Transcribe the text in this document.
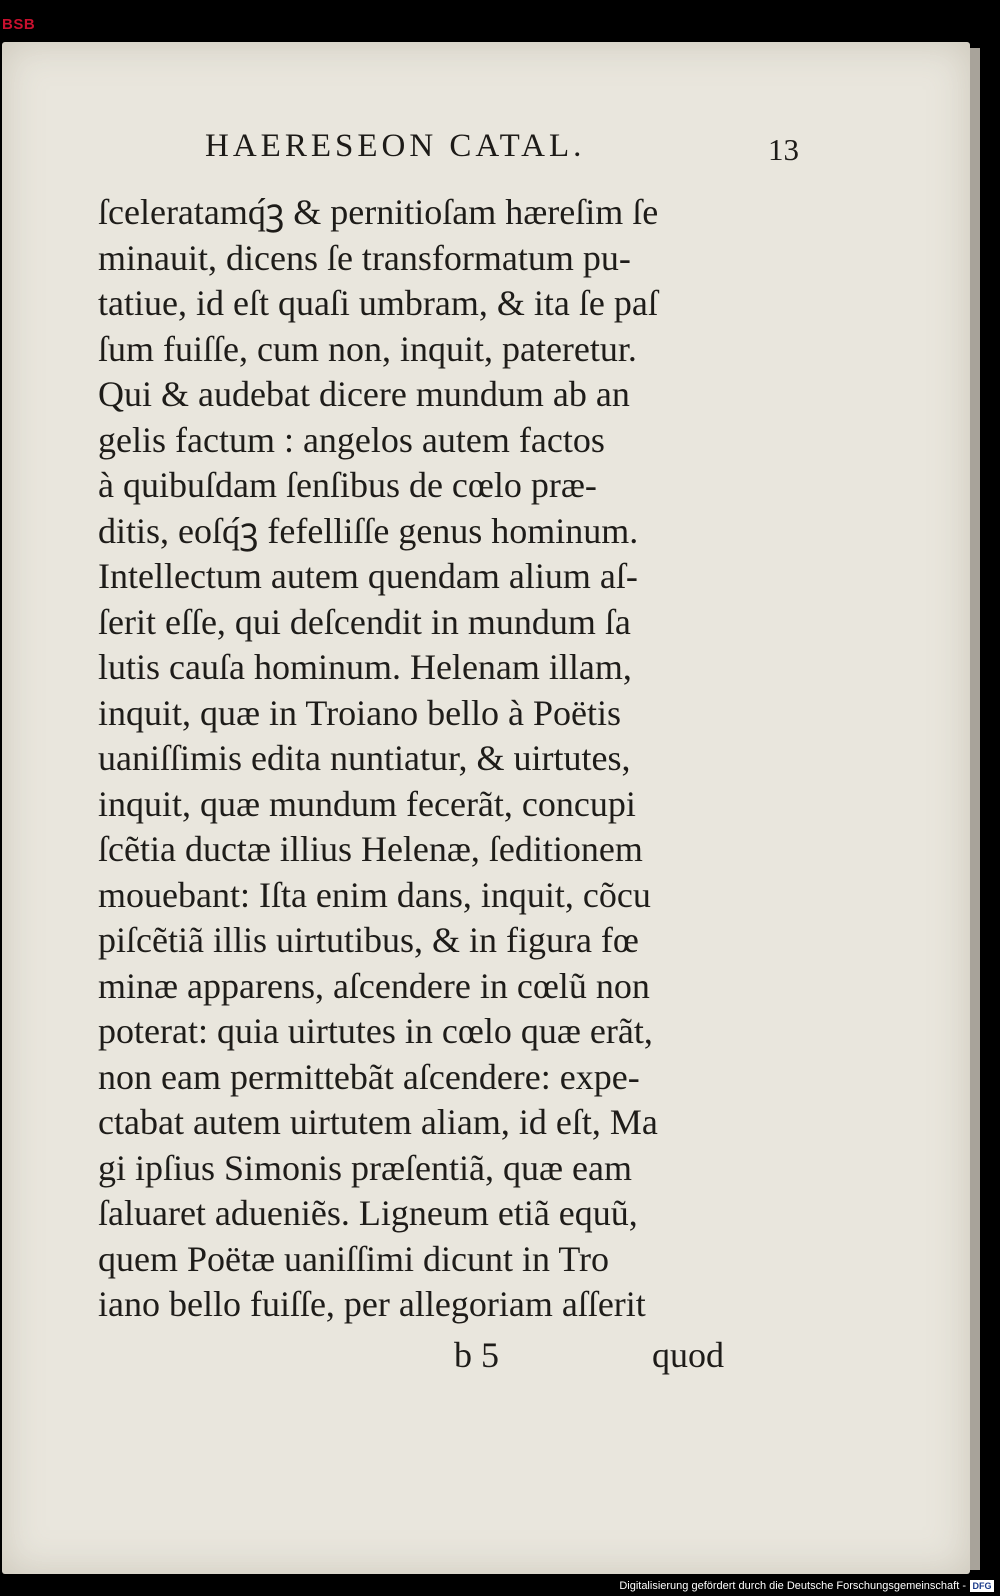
BSB
HAERESEON CATAL.	13
ſceleratamq́ꝫ & pernitioſam hæreſim ſe
minauit, dicens ſe transformatum pu-
tatiue, id eſt quaſi umbram, & ita ſe paſ
ſum fuiſſe, cum non, inquit, pateretur.
Qui & audebat dicere mundum ab an
gelis factum : angelos autem factos
à quibuſdam ſenſibus de cœlo præ-
ditis, eoſq́ꝫ fefelliſſe genus hominum.
Intellectum autem quendam alium aſ-
ſerit eſſe, qui deſcendit in mundum ſa
lutis cauſa hominum. Helenam illam,
inquit, quæ in Troiano bello à Poëtis
uaniſſimis edita nuntiatur, & uirtutes,
inquit, quæ mundum fecerãt, concupi
ſcẽtia ductæ illius Helenæ, ſeditionem
mouebant: Iſta enim dans, inquit, cõcu
piſcẽtiã illis uirtutibus, & in figura fœ
minæ apparens, aſcendere in cœlũ non
poterat: quia uirtutes in cœlo quæ erãt,
non eam permittebãt aſcendere: expe-
ctabat autem uirtutem aliam, id eſt, Ma
gi ipſius Simonis præſentiã, quæ eam
ſaluaret adueniẽs. Ligneum etiã equũ,
quem Poëtæ uaniſſimi dicunt in Tro
iano bello fuiſſe, per allegoriam aſſerit
b 5	quod
Digitalisierung gefördert durch die Deutsche Forschungsgemeinschaft - DFG
